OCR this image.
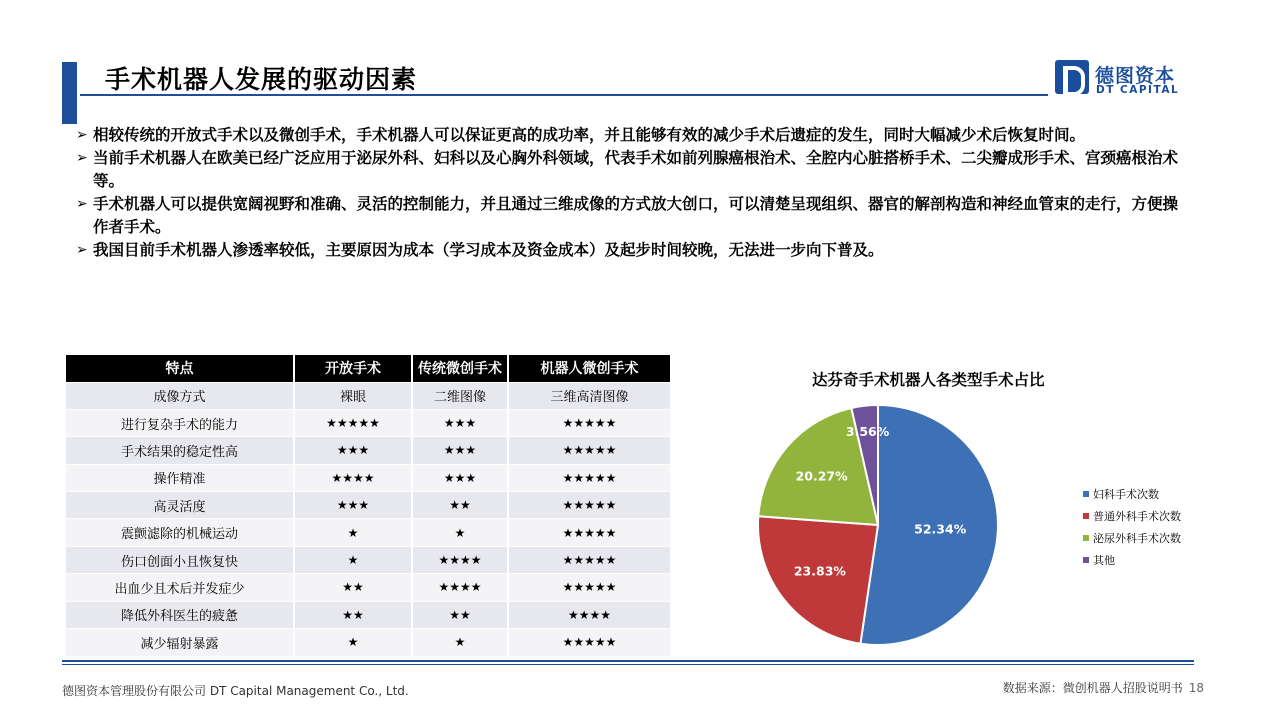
手术机器人发展的驱动因素	德图资本
DT CAPITAL
➢ 相较传统的开放式手术以及微创手术，手术机器人可以保证更高的成功率，并且能够有效的减少手术后遗症的发生，同时大幅减少术后恢复时间。
➢ 当前手术机器人在欧美已经广泛应用于泌尿外科、妇科以及心胸外科领域，代表手术如前列腺癌根治术、全腔内心脏搭桥手术、二尖瓣成形手术、宫颈癌根治术等。
➢ 手术机器人可以提供宽阔视野和准确、灵活的控制能力，并且通过三维成像的方式放大创口，可以清楚呈现组织、器官的解剖构造和神经血管束的走行，方便操作者手术。
➢ 我国目前手术机器人渗透率较低，主要原因为成本（学习成本及资金成本）及起步时间较晚，无法进一步向下普及。
特点	开放手术	传统微创手术	机器人微创手术
成像方式	裸眼	二维图像	三维高清图像
进行复杂手术的能力	★★★★★	★★★	★★★★★
手术结果的稳定性高	★★★	★★★	★★★★★
操作精准	★★★★	★★★	★★★★★
高灵活度	★★★	★★	★★★★★
震颤滤除的机械运动	★	★	★★★★★
伤口创面小且恢复快	★	★★★★	★★★★★
出血少且术后并发症少	★★	★★★★	★★★★★
降低外科医生的疲惫	★★	★★	★★★★
减少辐射暴露	★	★	★★★★★
达芬奇手术机器人各类型手术占比
52.34%
23.83%
20.27%
3.56%
妇科手术次数
普通外科手术次数
泌尿外科手术次数
其他
德图资本管理股份有限公司 DT Capital Management Co., Ltd.	数据来源：微创机器人招股说明书 18
